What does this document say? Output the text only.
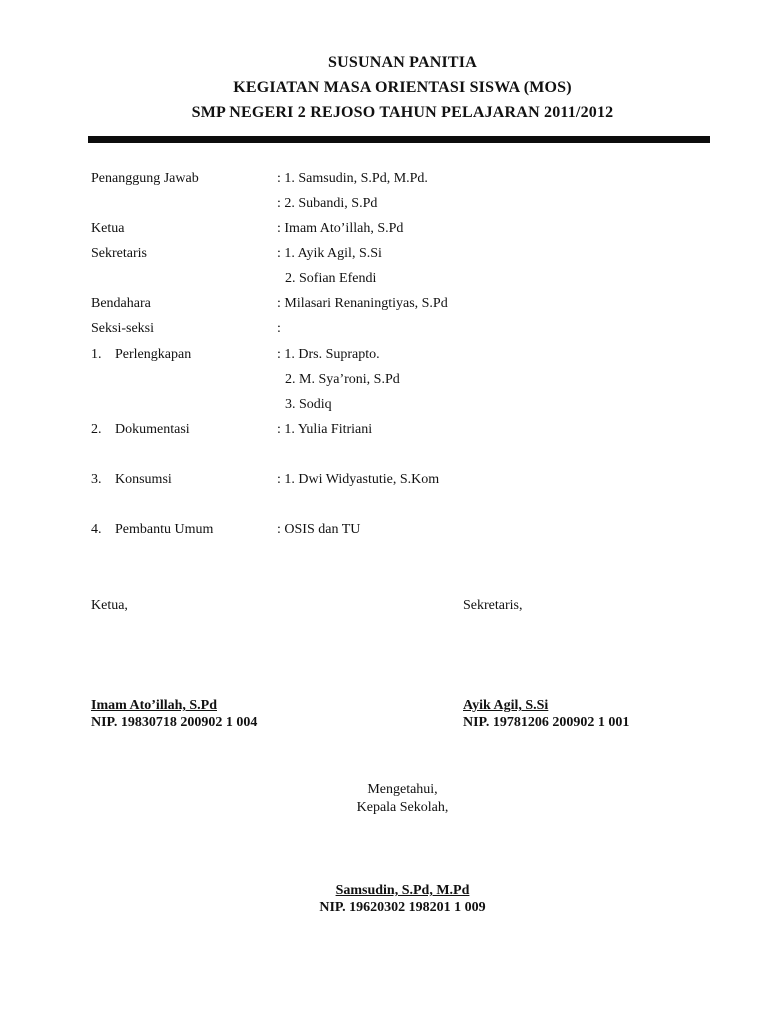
SUSUNAN PANITIA
KEGIATAN MASA ORIENTASI SISWA (MOS)
SMP NEGERI 2 REJOSO TAHUN PELAJARAN 2011/2012
Penanggung Jawab	: 1. Samsudin, S.Pd, M.Pd.
: 2. Subandi, S.Pd
Ketua	: Imam Ato’illah, S.Pd
Sekretaris	: 1. Ayik Agil, S.Si
2. Sofian Efendi
Bendahara	: Milasari Renaningtiyas, S.Pd
Seksi-seksi	:
1. Perlengkapan	: 1. Drs. Suprapto.
2. M. Sya’roni, S.Pd
3. Sodiq
2. Dokumentasi	: 1. Yulia Fitriani
3. Konsumsi	: 1. Dwi Widyastutie, S.Kom
4. Pembantu Umum	: OSIS dan TU
Ketua,	Sekretaris,
Imam Ato’illah, S.Pd
NIP. 19830718 200902 1 004
Ayik Agil, S.Si
NIP. 19781206 200902 1 001
Mengetahui,
Kepala Sekolah,
Samsudin, S.Pd, M.Pd
NIP. 19620302 198201 1 009
